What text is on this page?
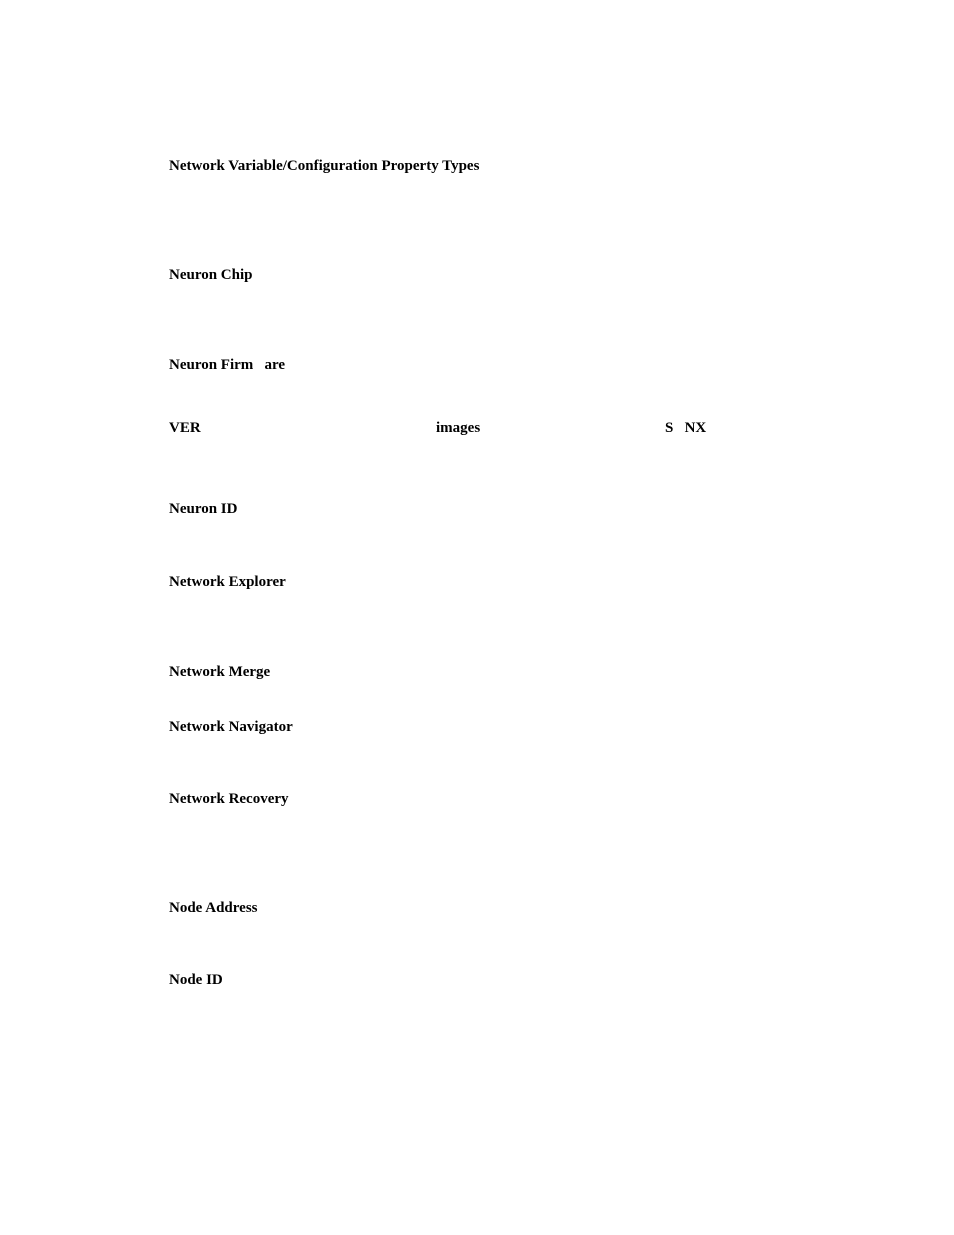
Network Variable/Configuration Property Types
Neuron Chip
Neuron Firm   are
VER	images	S   NX
Neuron ID
Network Explorer
Network Merge
Network Navigator
Network Recovery
Node Address
Node ID
